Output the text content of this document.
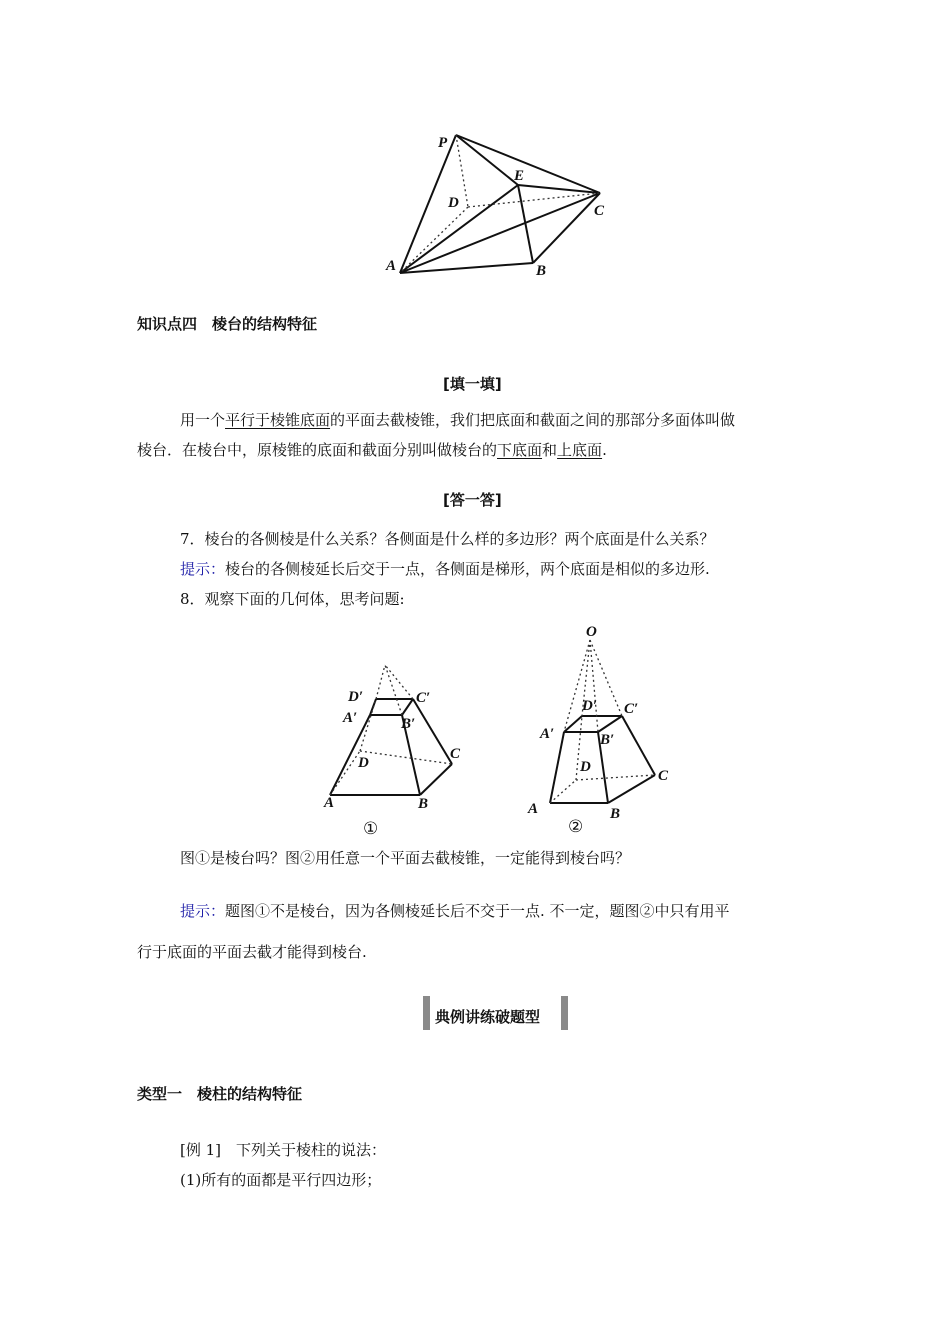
P
E
D	C
A	B
知识点四　棱台的结构特征
[填一填]
用一个平行于棱锥底面的平面去截棱锥，我们把底面和截面之间的那部分多面体叫做
棱台．在棱台中，原棱锥的底面和截面分别叫做棱台的下底面和上底面.
[答一答]
7．棱台的各侧棱是什么关系？各侧面是什么样的多边形？两个底面是什么关系？
提示：棱台的各侧棱延长后交于一点，各侧面是梯形，两个底面是相似的多边形.
8．观察下面的几何体，思考问题:
D′	C′
A′	B′
D
C
A	B
①
O
D′ C′
A′	B′
D
C
A	B
②
图①是棱台吗？图②用任意一个平面去截棱锥，一定能得到棱台吗？
提示：题图①不是棱台，因为各侧棱延长后不交于一点. 不一定，题图②中只有用平
行于底面的平面去截才能得到棱台.
典例讲练破题型
类型一　棱柱的结构特征
[例 1]　下列关于棱柱的说法：
(1)所有的面都是平行四边形；
